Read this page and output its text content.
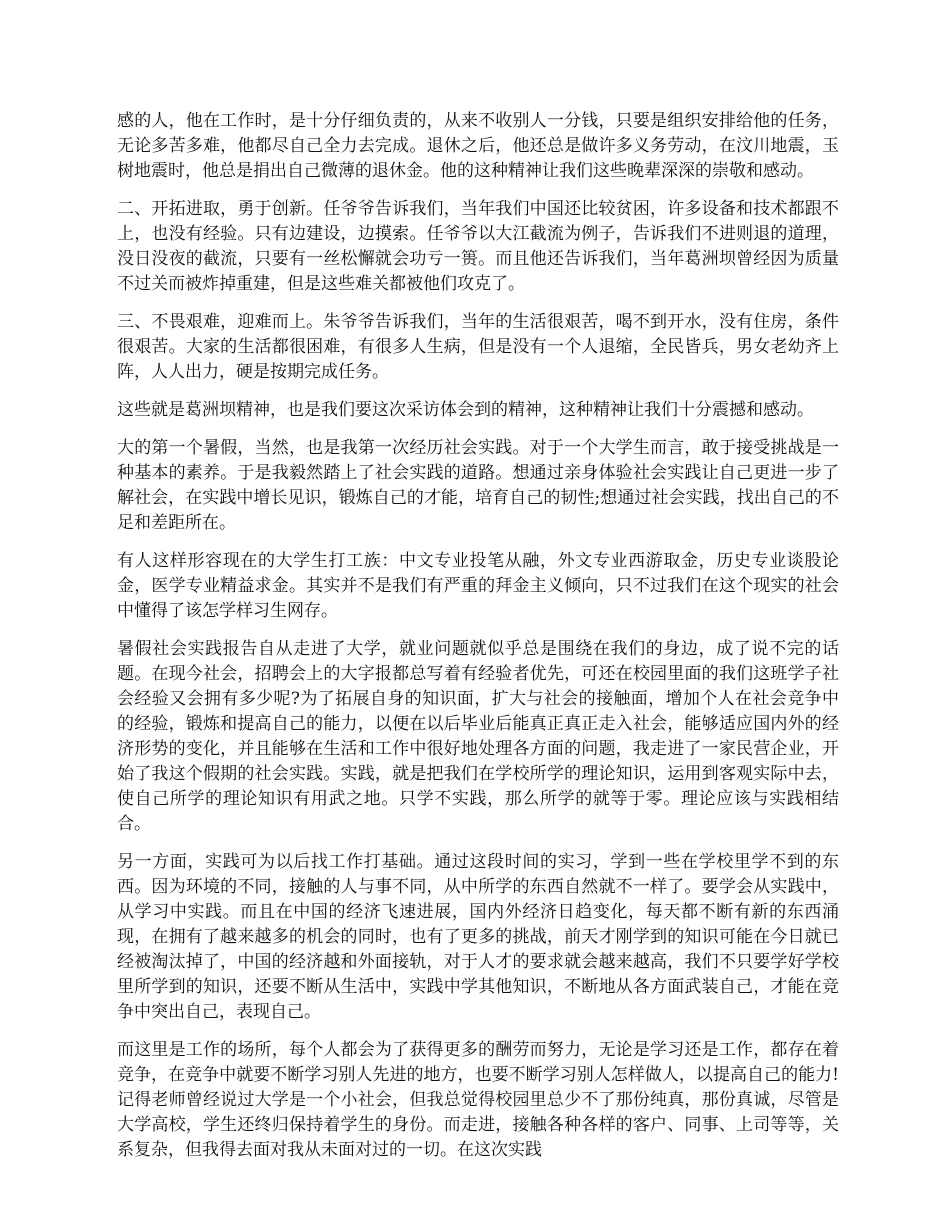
感的人，他在工作时，是十分仔细负责的，从来不收别人一分钱，只要是组织安排给他的任务，无论多苦多难，他都尽自己全力去完成。退休之后，他还总是做许多义务劳动，在汶川地震，玉树地震时，他总是捐出自己微薄的退休金。他的这种精神让我们这些晚辈深深的崇敬和感动。

二、开拓进取，勇于创新。任爷爷告诉我们，当年我们中国还比较贫困，许多设备和技术都跟不上，也没有经验。只有边建设，边摸索。任爷爷以大江截流为例子，告诉我们不进则退的道理，没日没夜的截流，只要有一丝松懈就会功亏一篑。而且他还告诉我们，当年葛洲坝曾经因为质量不过关而被炸掉重建，但是这些难关都被他们攻克了。

三、不畏艰难，迎难而上。朱爷爷告诉我们，当年的生活很艰苦，喝不到开水，没有住房，条件很艰苦。大家的生活都很困难，有很多人生病，但是没有一个人退缩，全民皆兵，男女老幼齐上阵，人人出力，硬是按期完成任务。

这些就是葛洲坝精神，也是我们要这次采访体会到的精神，这种精神让我们十分震撼和感动。

大的第一个暑假，当然，也是我第一次经历社会实践。对于一个大学生而言，敢于接受挑战是一种基本的素养。于是我毅然踏上了社会实践的道路。想通过亲身体验社会实践让自己更进一步了解社会，在实践中增长见识，锻炼自己的才能，培育自己的韧性;想通过社会实践，找出自己的不足和差距所在。

有人这样形容现在的大学生打工族：中文专业投笔从融，外文专业西游取金，历史专业谈股论金，医学专业精益求金。其实并不是我们有严重的拜金主义倾向，只不过我们在这个现实的社会中懂得了该怎学样习生网存。

暑假社会实践报告自从走进了大学，就业问题就似乎总是围绕在我们的身边，成了说不完的话题。在现今社会，招聘会上的大字报都总写着有经验者优先，可还在校园里面的我们这班学子社会经验又会拥有多少呢?为了拓展自身的知识面，扩大与社会的接触面，增加个人在社会竞争中的经验，锻炼和提高自己的能力，以便在以后毕业后能真正真正走入社会，能够适应国内外的经济形势的变化，并且能够在生活和工作中很好地处理各方面的问题，我走进了一家民营企业，开始了我这个假期的社会实践。实践，就是把我们在学校所学的理论知识，运用到客观实际中去，使自己所学的理论知识有用武之地。只学不实践，那么所学的就等于零。理论应该与实践相结合。

另一方面，实践可为以后找工作打基础。通过这段时间的实习，学到一些在学校里学不到的东西。因为环境的不同，接触的人与事不同，从中所学的东西自然就不一样了。要学会从实践中，从学习中实践。而且在中国的经济飞速进展，国内外经济日趋变化，每天都不断有新的东西涌现，在拥有了越来越多的机会的同时，也有了更多的挑战，前天才刚学到的知识可能在今日就已经被淘汰掉了，中国的经济越和外面接轨，对于人才的要求就会越来越高，我们不只要学好学校里所学到的知识，还要不断从生活中，实践中学其他知识，不断地从各方面武装自己，才能在竞争中突出自己，表现自己。

而这里是工作的场所，每个人都会为了获得更多的酬劳而努力，无论是学习还是工作，都存在着竞争，在竞争中就要不断学习别人先进的地方，也要不断学习别人怎样做人，以提高自己的能力!记得老师曾经说过大学是一个小社会，但我总觉得校园里总少不了那份纯真，那份真诚，尽管是大学高校，学生还终归保持着学生的身份。而走进，接触各种各样的客户、同事、上司等等，关系复杂，但我得去面对我从未面对过的一切。在这次实践
